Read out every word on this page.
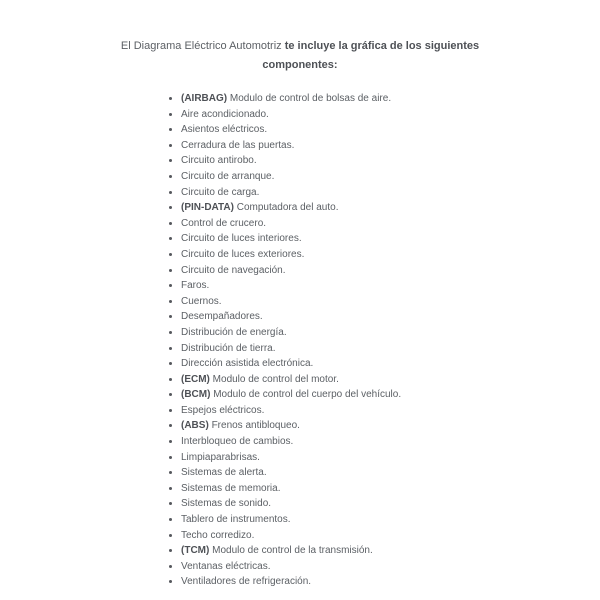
El Diagrama Eléctrico Automotriz te incluye la gráfica de los siguientes
componentes:
(AIRBAG) Modulo de control de bolsas de aire.
Aire acondicionado.
Asientos eléctricos.
Cerradura de las puertas.
Circuito antirobo.
Circuito de arranque.
Circuito de carga.
(PIN-DATA) Computadora del auto.
Control de crucero.
Circuito de luces interiores.
Circuito de luces exteriores.
Circuito de navegación.
Faros.
Cuernos.
Desempañadores.
Distribución de energía.
Distribución de tierra.
Dirección asistida electrónica.
(ECM) Modulo de control del motor.
(BCM) Modulo de control del cuerpo del vehículo.
Espejos eléctricos.
(ABS) Frenos antibloqueo.
Interbloqueo de cambios.
Limpiaparabrisas.
Sistemas de alerta.
Sistemas de memoria.
Sistemas de sonido.
Tablero de instrumentos.
Techo corredizo.
(TCM) Modulo de control de la transmisión.
Ventanas eléctricas.
Ventiladores de refrigeración.
